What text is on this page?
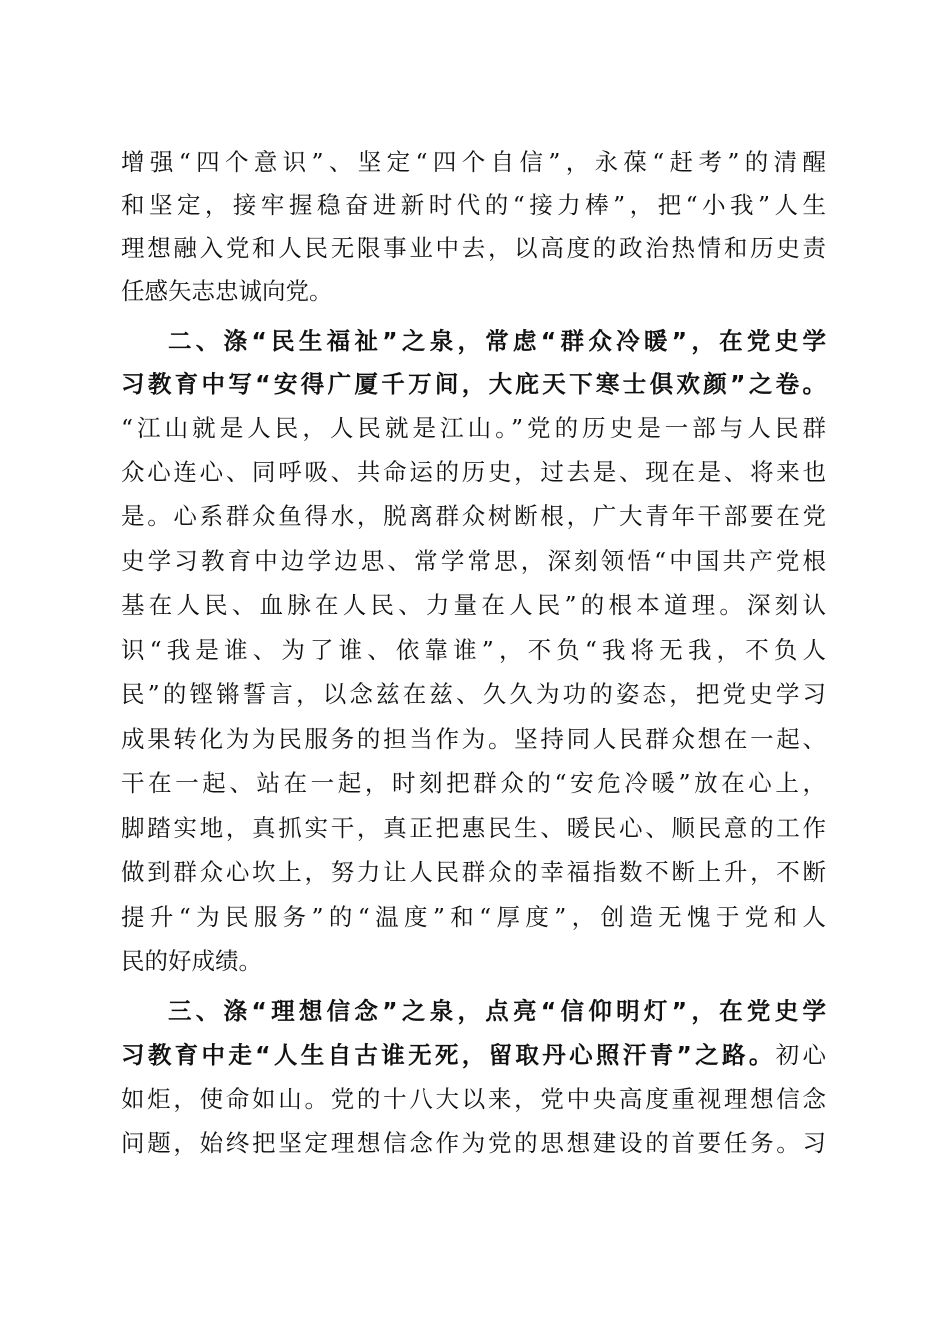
增强“四个意识”、坚定“四个自信”，永葆“赶考”的清醒
和坚定，接牢握稳奋进新时代的“接力棒”，把“小我”人生
理想融入党和人民无限事业中去，以高度的政治热情和历史责
任感矢志忠诚向党。
二、涤“民生福祉”之泉，常虑“群众冷暖”，在党史学
习教育中写“安得广厦千万间，大庇天下寒士俱欢颜”之卷。
“江山就是人民，人民就是江山。”党的历史是一部与人民群
众心连心、同呼吸、共命运的历史，过去是、现在是、将来也
是。心系群众鱼得水，脱离群众树断根，广大青年干部要在党
史学习教育中边学边思、常学常思，深刻领悟“中国共产党根
基在人民、血脉在人民、力量在人民”的根本道理。深刻认
识“我是谁、为了谁、依靠谁”，不负“我将无我，不负人
民”的铿锵誓言，以念兹在兹、久久为功的姿态，把党史学习
成果转化为为民服务的担当作为。坚持同人民群众想在一起、
干在一起、站在一起，时刻把群众的“安危冷暖”放在心上，
脚踏实地，真抓实干，真正把惠民生、暖民心、顺民意的工作
做到群众心坎上，努力让人民群众的幸福指数不断上升，不断
提升“为民服务”的“温度”和“厚度”，创造无愧于党和人
民的好成绩。
三、涤“理想信念”之泉，点亮“信仰明灯”，在党史学
习教育中走“人生自古谁无死，留取丹心照汗青”之路。初心
如炬，使命如山。党的十八大以来，党中央高度重视理想信念
问题，始终把坚定理想信念作为党的思想建设的首要任务。习
